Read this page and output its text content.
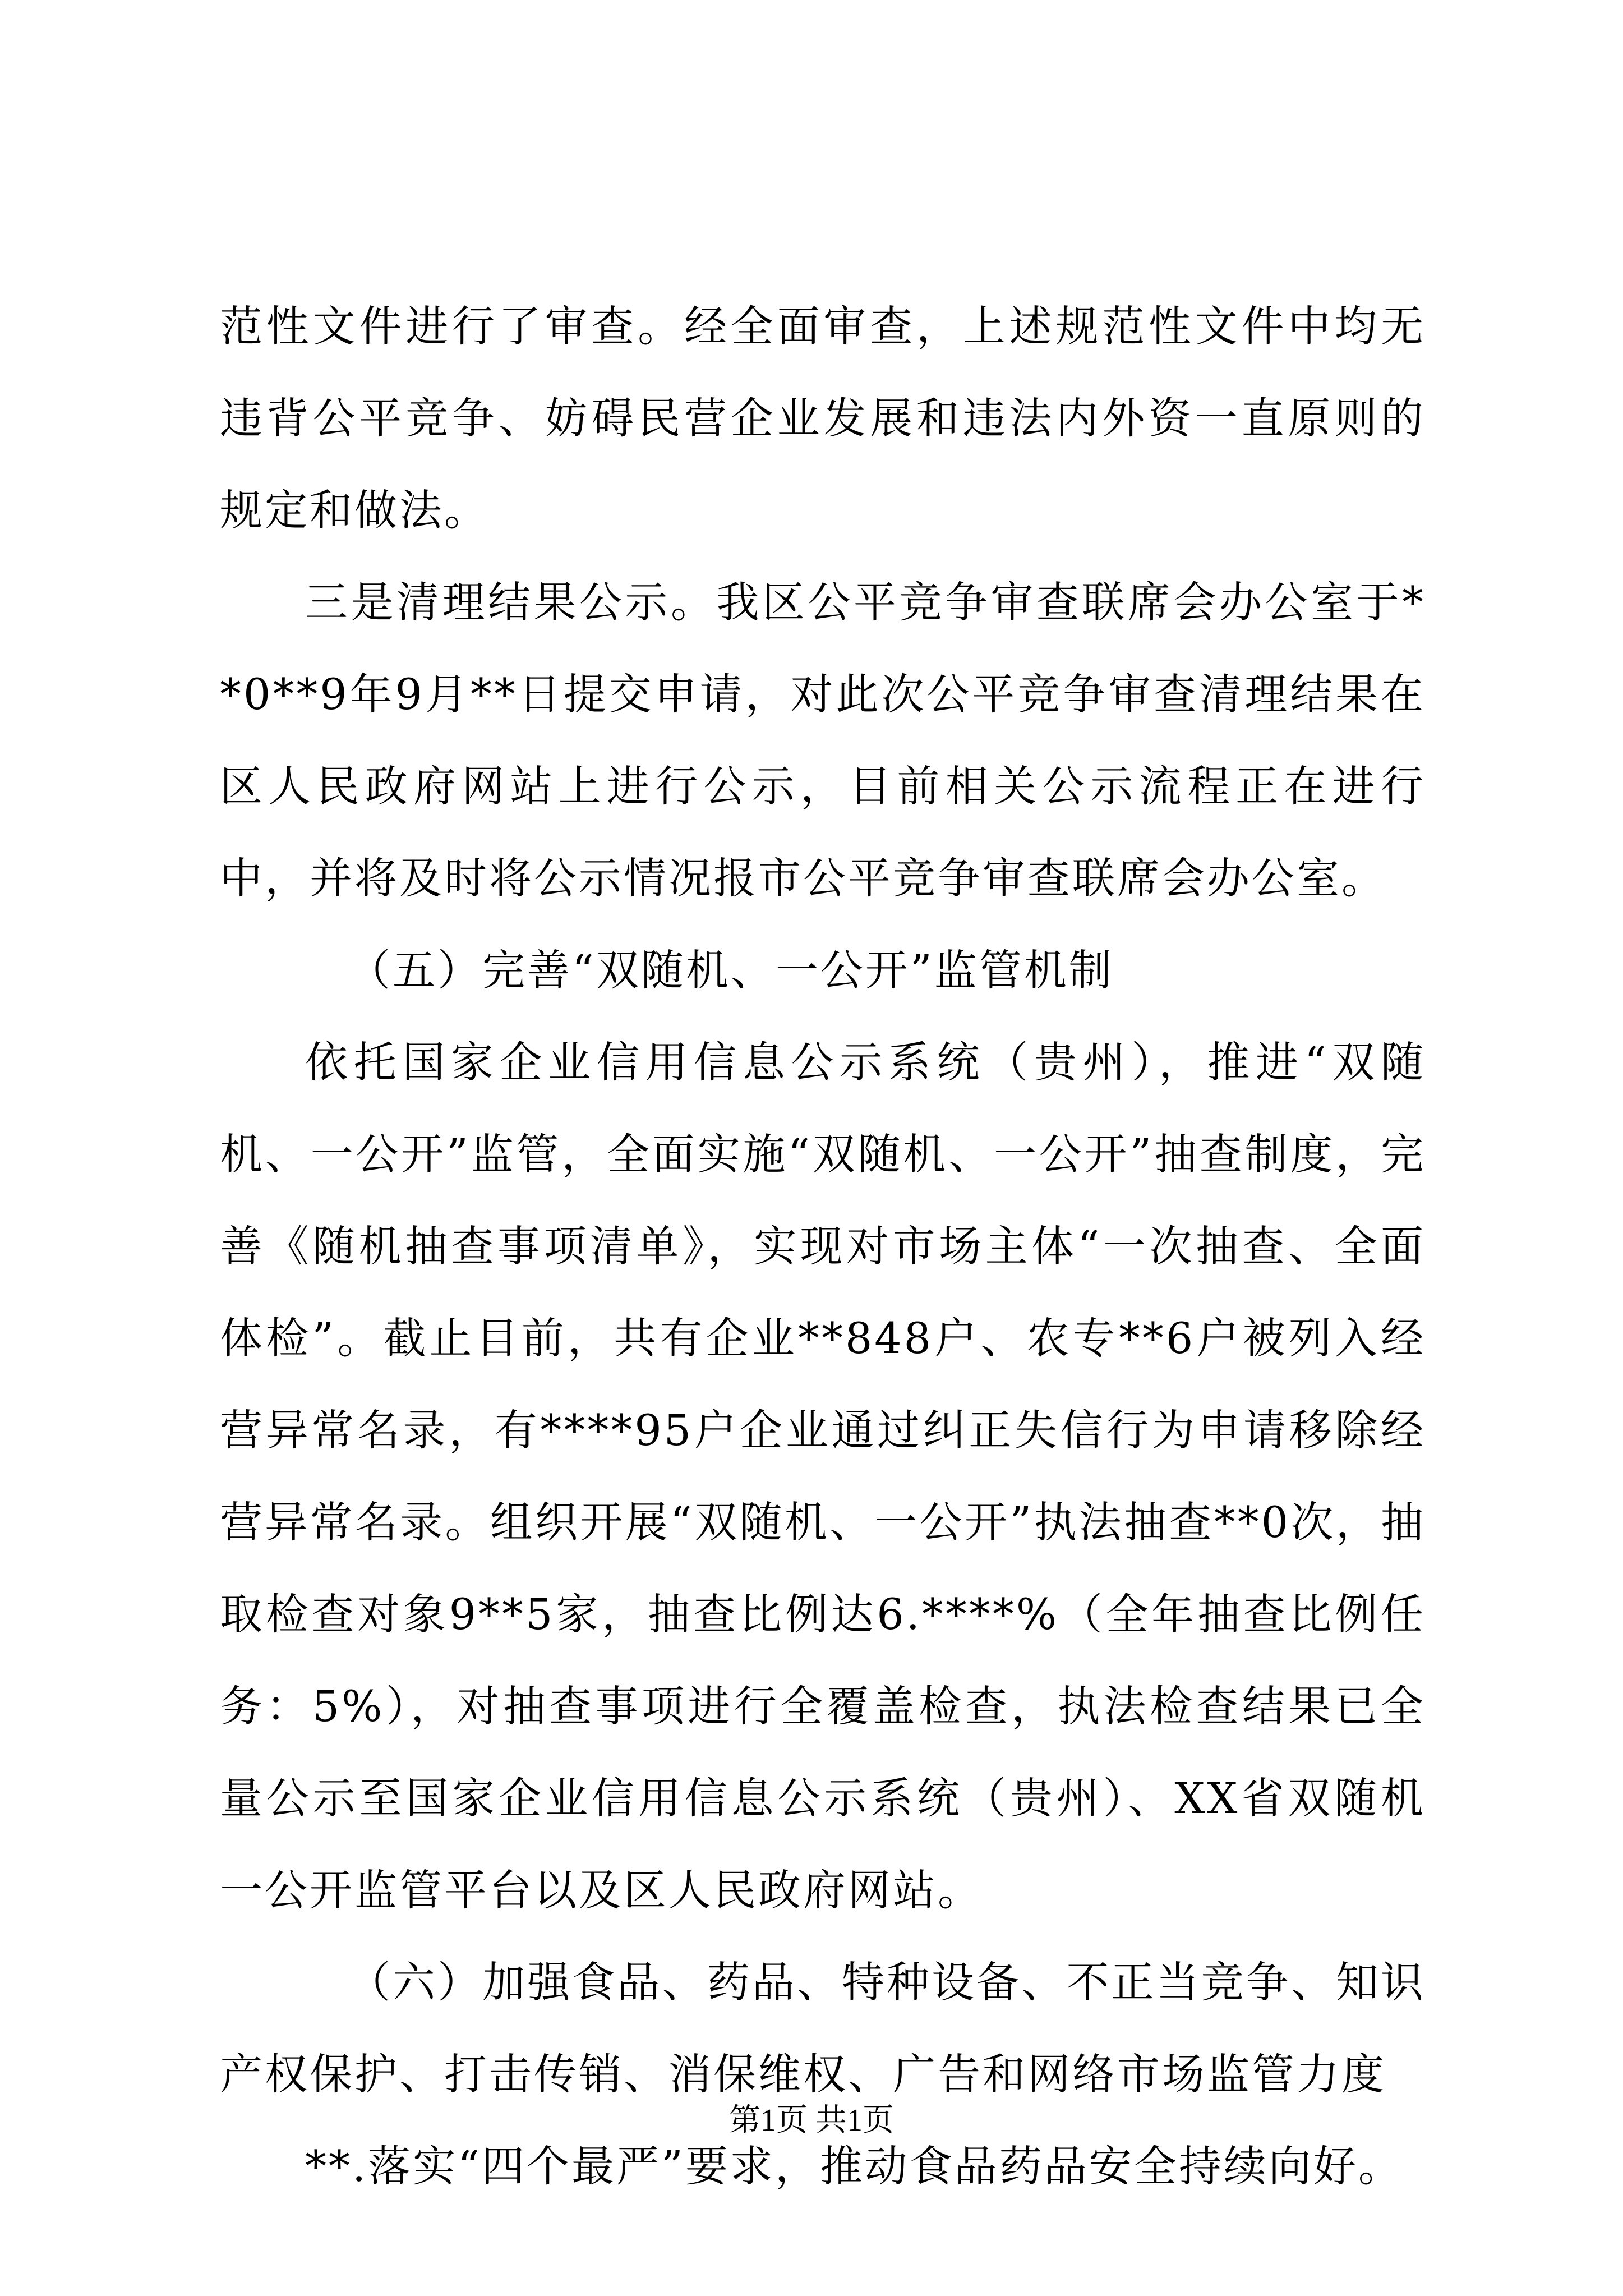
范性文件进行了审查。经全面审查，上述规范性文件中均无违背公平竞争、妨碍民营企业发展和违法内外资一直原则的规定和做法。

三是清理结果公示。我区公平竞争审查联席会办公室于**0**9年9月**日提交申请，对此次公平竞争审查清理结果在区人民政府网站上进行公示，目前相关公示流程正在进行中，并将及时将公示情况报市公平竞争审查联席会办公室。

（五）完善“双随机、一公开”监管机制

依托国家企业信用信息公示系统（贵州），推进“双随机、一公开”监管，全面实施“双随机、一公开”抽查制度，完善《随机抽查事项清单》，实现对市场主体“一次抽查、全面体检”。截止目前，共有企业**848户、农专**6户被列入经营异常名录，有****95户企业通过纠正失信行为申请移除经营异常名录。组织开展“双随机、一公开”执法抽查**0次，抽取检查对象9**5家，抽查比例达6.****%（全年抽查比例任务：5%），对抽查事项进行全覆盖检查，执法检查结果已全量公示至国家企业信用信息公示系统（贵州）、XX省双随机一公开监管平台以及区人民政府网站。

（六）加强食品、药品、特种设备、不正当竞争、知识产权保护、打击传销、消保维权、广告和网络市场监管力度

**.落实“四个最严”要求，推动食品药品安全持续向好。

第1页 共1页
